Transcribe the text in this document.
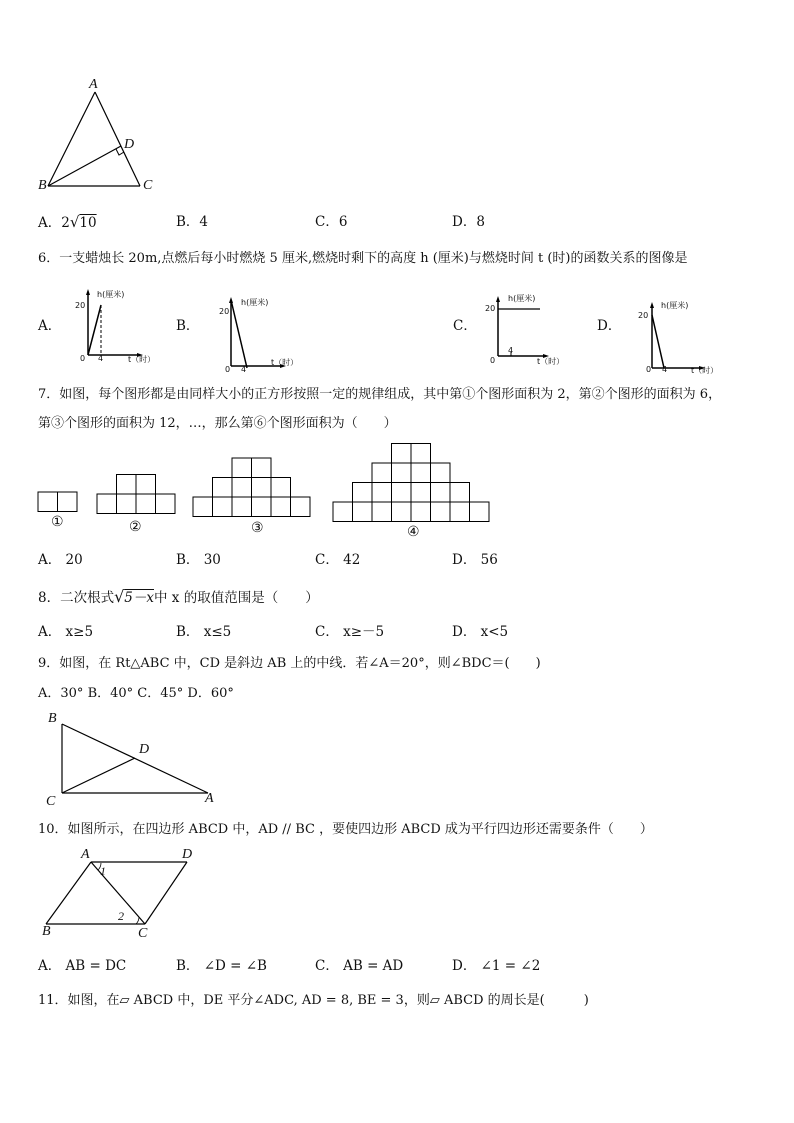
A
B	C
D
A．2√10	B．4	C．6	D．8
6．一支蜡烛长 20m,点燃后每小时燃烧 5 厘米,燃烧时剩下的高度 h (厘米)与燃烧时间 t (时)的函数关系的图像是
A．	B．	C．	D．
h(厘米)
20
0 4	t（时）
h(厘米)
20
0 4
t（时）
h(厘米)
20
0
4
t（时）
h(厘米)
20
0 4	t（时）
7．如图，每个图形都是由同样大小的正方形按照一定的规律组成，其中第①个图形面积为 2，第②个图形的面积为 6，
第③个图形的面积为 12，…，那么第⑥个图形面积为（　　）
①	②	③	④
A． 20	B． 30	C． 42	D． 56
8．二次根式√5－x中 x 的取值范围是（　　）
A． x≥5	B． x≤5	C． x≥－5	D． x<5
9．如图，在 Rt△ABC 中，CD 是斜边 AB 上的中线．若∠A＝20°，则∠BDC＝(　　)
A．30° B．40° C．45° D．60°
B
D
C	A
10．如图所示，在四边形 ABCD 中，AD // BC ，要使四边形 ABCD 成为平行四边形还需要条件（　　）
A	D
B	C
1
2
A． AB = DC	B． ∠D = ∠B	C． AB = AD	D． ∠1 = ∠2
11．如图，在▱ ABCD 中，DE 平分∠ADC, AD = 8, BE = 3，则▱ ABCD 的周长是(　　　)
